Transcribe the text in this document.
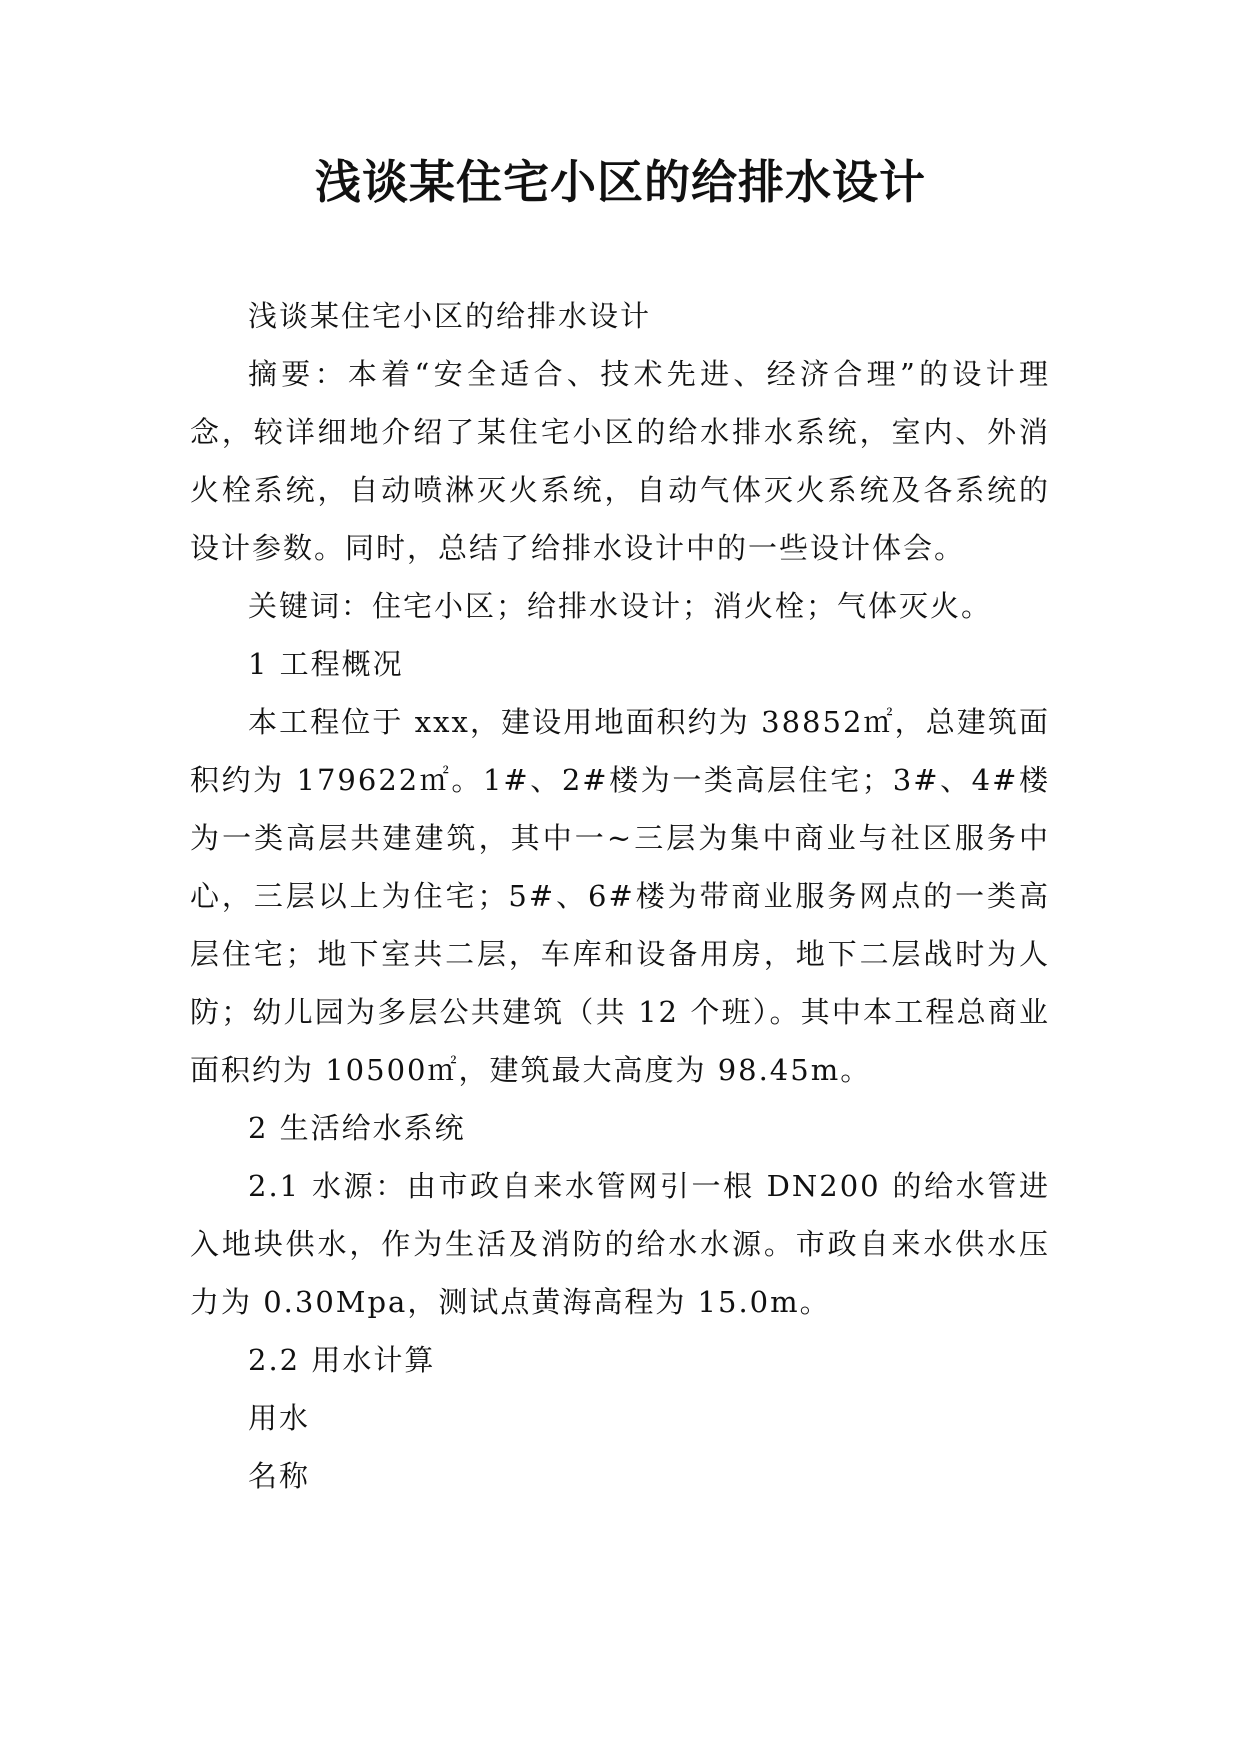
浅谈某住宅小区的给排水设计

浅谈某住宅小区的给排水设计

摘要：本着“安全适合、技术先进、经济合理”的设计理念，较详细地介绍了某住宅小区的给水排水系统，室内、外消火栓系统，自动喷淋灭火系统，自动气体灭火系统及各系统的设计参数。同时，总结了给排水设计中的一些设计体会。

关键词：住宅小区；给排水设计；消火栓；气体灭火。

1 工程概况

本工程位于 xxx，建设用地面积约为 38852㎡，总建筑面积约为 179622㎡。1#、2#楼为一类高层住宅；3#、4#楼为一类高层共建建筑，其中一~三层为集中商业与社区服务中心，三层以上为住宅；5#、6#楼为带商业服务网点的一类高层住宅；地下室共二层，车库和设备用房，地下二层战时为人防；幼儿园为多层公共建筑（共 12 个班）。其中本工程总商业面积约为 10500㎡，建筑最大高度为 98.45m。

2 生活给水系统

2.1 水源：由市政自来水管网引一根 DN200 的给水管进入地块供水，作为生活及消防的给水水源。市政自来水供水压力为 0.30Mpa，测试点黄海高程为 15.0m。

2.2 用水计算

用水

名称
